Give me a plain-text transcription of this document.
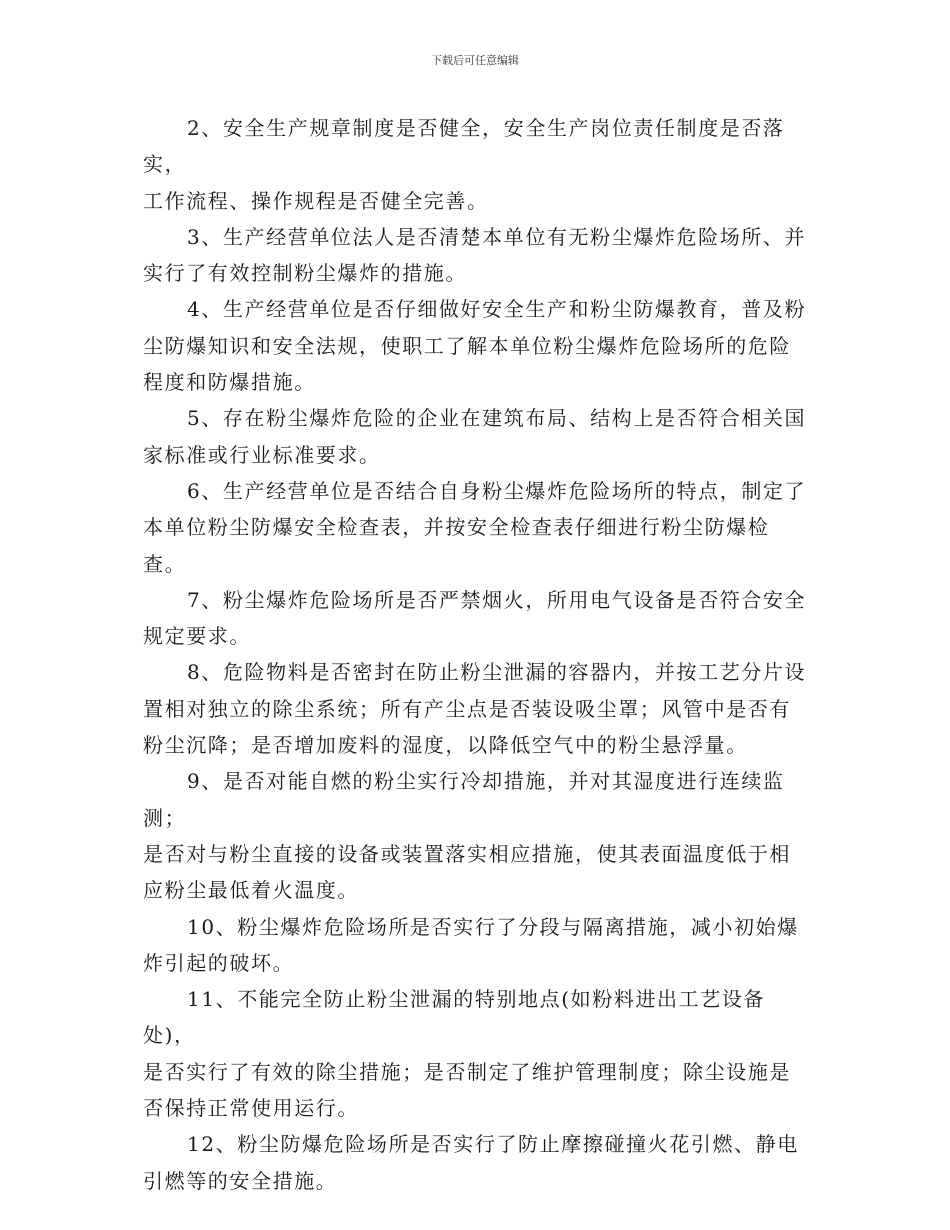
下载后可任意编辑
2、安全生产规章制度是否健全，安全生产岗位责任制度是否落实，
工作流程、操作规程是否健全完善。
3、生产经营单位法人是否清楚本单位有无粉尘爆炸危险场所、并
实行了有效控制粉尘爆炸的措施。
4、生产经营单位是否仔细做好安全生产和粉尘防爆教育，普及粉
尘防爆知识和安全法规，使职工了解本单位粉尘爆炸危险场所的危险
程度和防爆措施。
5、存在粉尘爆炸危险的企业在建筑布局、结构上是否符合相关国
家标准或行业标准要求。
6、生产经营单位是否结合自身粉尘爆炸危险场所的特点，制定了
本单位粉尘防爆安全检查表，并按安全检查表仔细进行粉尘防爆检查。
7、粉尘爆炸危险场所是否严禁烟火，所用电气设备是否符合安全
规定要求。
8、危险物料是否密封在防止粉尘泄漏的容器内，并按工艺分片设
置相对独立的除尘系统；所有产尘点是否装设吸尘罩；风管中是否有
粉尘沉降；是否增加废料的湿度，以降低空气中的粉尘悬浮量。
9、是否对能自燃的粉尘实行冷却措施，并对其湿度进行连续监测；
是否对与粉尘直接的设备或装置落实相应措施，使其表面温度低于相
应粉尘最低着火温度。
10、粉尘爆炸危险场所是否实行了分段与隔离措施，减小初始爆
炸引起的破坏。
11、不能完全防止粉尘泄漏的特别地点(如粉料进出工艺设备处)，
是否实行了有效的除尘措施；是否制定了维护管理制度；除尘设施是
否保持正常使用运行。
12、粉尘防爆危险场所是否实行了防止摩擦碰撞火花引燃、静电
引燃等的安全措施。
